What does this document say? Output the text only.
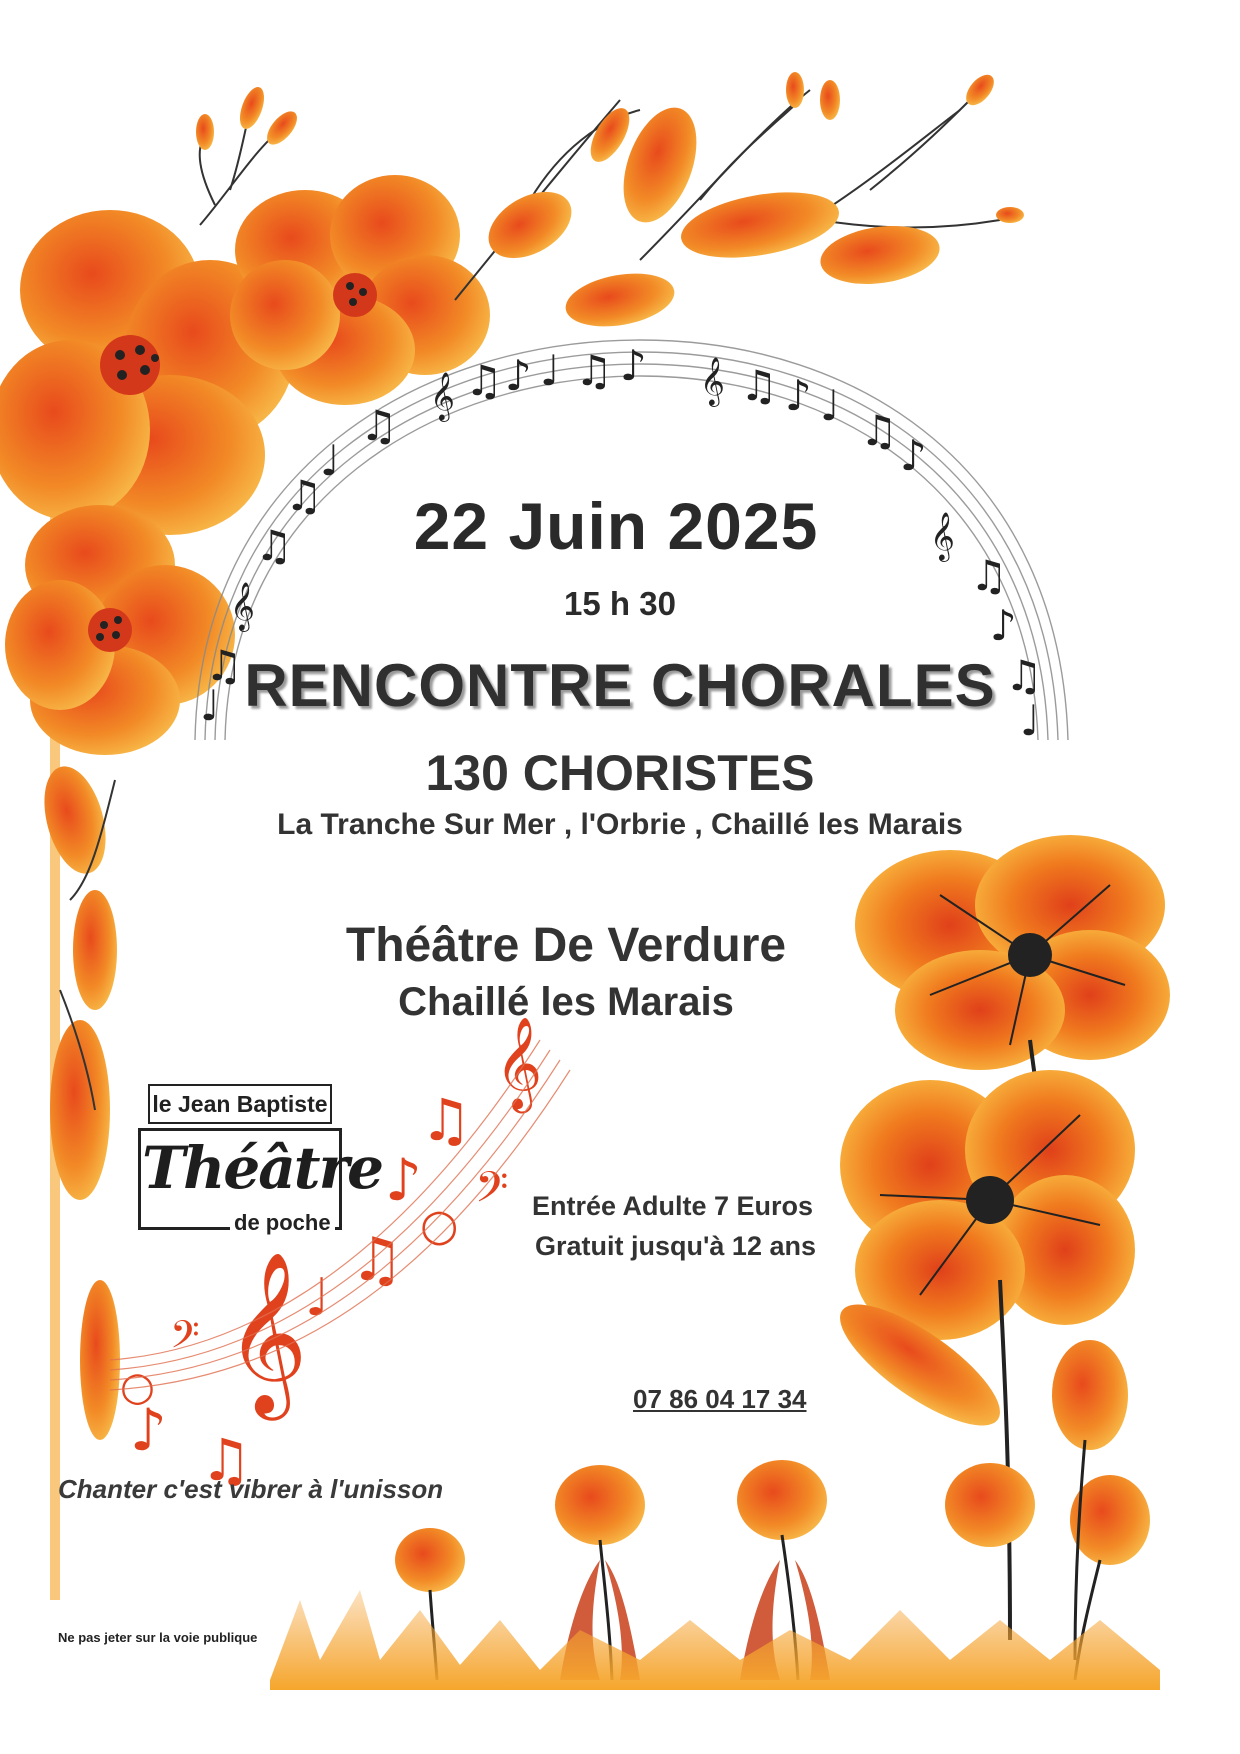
𝄞 ♫ ♪ ♩ ♫ ♪ 𝄞 ♫ ♪ ♩
♫
♪
♫
♩
♫
♫
𝄞
♫
♩
𝄞
♫
♪
♫
♩
𝄞
♫
♪ 𝄢
○
♫
♩
𝄞
𝄢
○
♪ ♫

22 Juin 2025

15 h 30

RENCONTRE CHORALES

130 CHORISTES

La Tranche Sur Mer , l'Orbrie , Chaillé les Marais

Théâtre De Verdure

Chaillé les Marais

le Jean Baptiste
Théâtre
de poche
Entrée Adulte 7 Euros
Gratuit jusqu'à 12 ans
07 86 04 17 34
Chanter c'est vibrer à l'unisson
Ne pas jeter sur la voie publique
